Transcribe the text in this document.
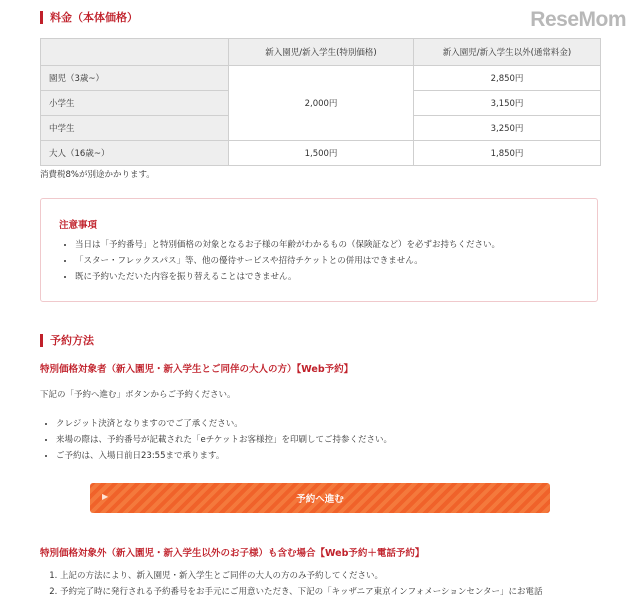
ReseMom
料金（本体価格）
	新入園児/新入学生(特別価格)	新入園児/新入学生以外(通常料金)
園児（3歳~）	2,000円	2,850円
小学生		3,150円
中学生		3,250円
大人（16歳~）	1,500円	1,850円
消費税8%が別途かかります。
注意事項
• 当日は「予約番号」と特別価格の対象となるお子様の年齢がわかるもの（保険証など）を必ずお持ちください。
• 「スター・フレックスパス」等、他の優待サービスや招待チケットとの併用はできません。
• 既に予約いただいた内容を振り替えることはできません。
予約方法
特別価格対象者（新入園児・新入学生とご同伴の大人の方）【Web予約】
下記の「予約へ進む」ボタンからご予約ください。
• クレジット決済となりますのでご了承ください。
• 来場の際は、予約番号が記載された「eチケットお客様控」を印刷してご持参ください。
• ご予約は、入場日前日23:55まで承ります。
▶	予約へ進む
特別価格対象外（新入園児・新入学生以外のお子様）も含む場合【Web予約＋電話予約】
1. 上記の方法により、新入園児・新入学生とご同伴の大人の方のみ予約してください。
2. 予約完了時に発行される予約番号をお手元にご用意いただき、下記の「キッザニア東京インフォメーションセンター」にお電話
